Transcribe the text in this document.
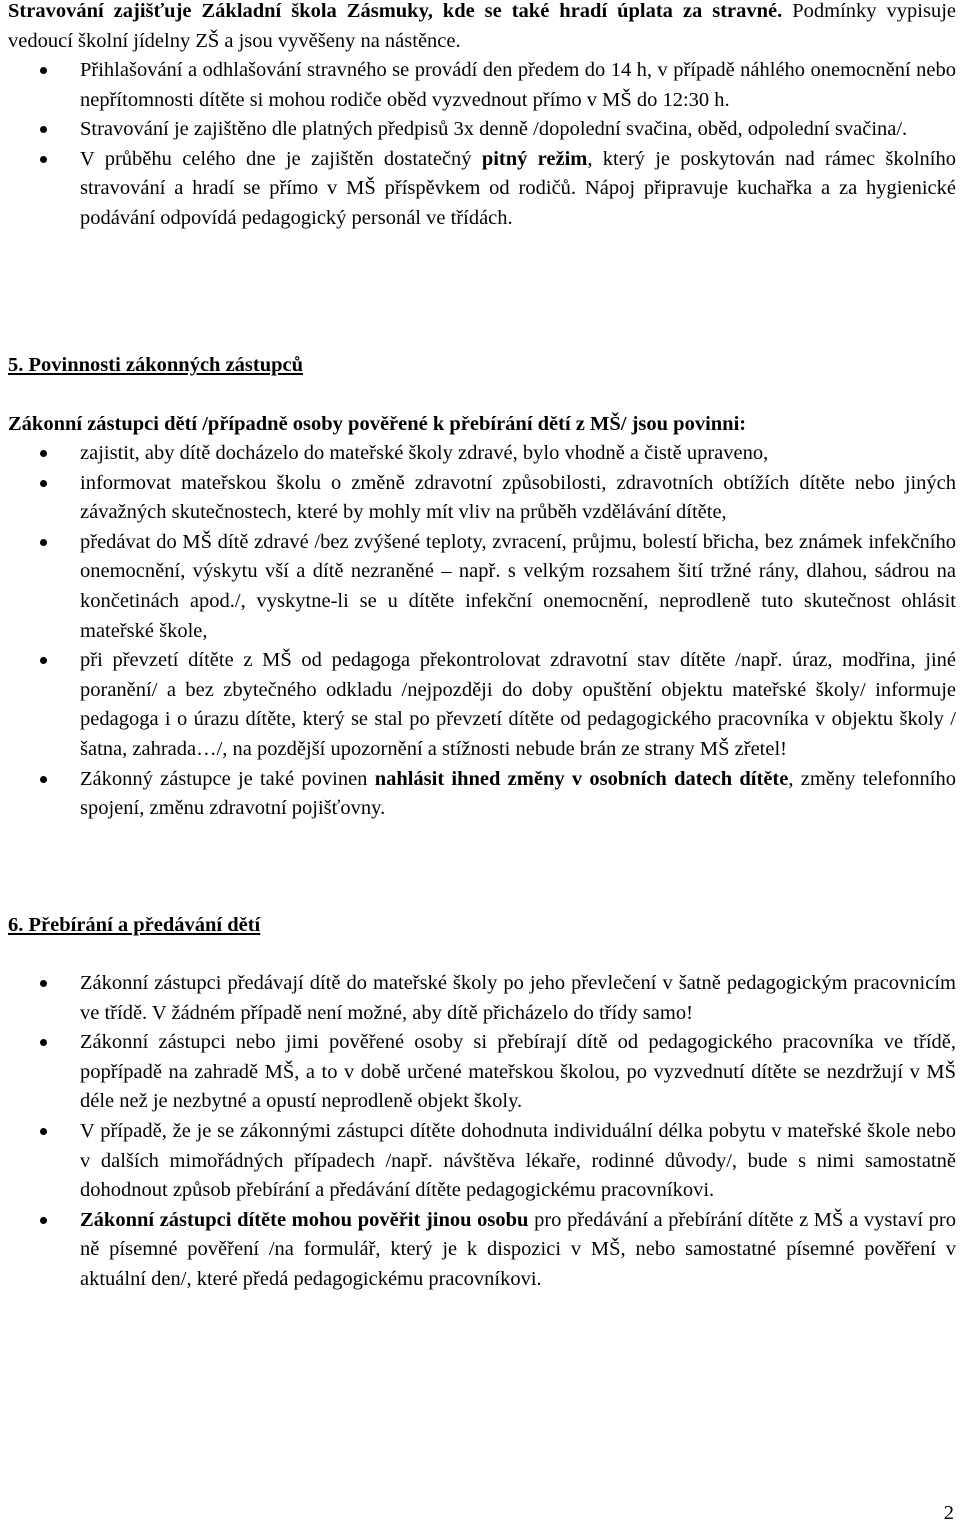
Stravování zajišťuje Základní škola Zásmuky, kde se také hradí úplata za stravné. Podmínky vypisuje vedoucí školní jídelny ZŠ a jsou vyvěšeny na nástěnce.
Přihlašování a odhlašování stravného se provádí den předem do 14 h, v případě náhlého onemocnění nebo nepřítomnosti dítěte si mohou rodiče oběd vyzvednout přímo v MŠ do 12:30 h.
Stravování je zajištěno dle platných předpisů 3x denně /dopolední svačina, oběd, odpolední svačina/.
V průběhu celého dne je zajištěn dostatečný pitný režim, který je poskytován nad rámec školního stravování a hradí se přímo v MŠ příspěvkem od rodičů. Nápoj připravuje kuchařka a za hygienické podávání odpovídá pedagogický personál ve třídách.
5. Povinnosti zákonných zástupců
Zákonní zástupci dětí /případně osoby pověřené k přebírání dětí z MŠ/ jsou povinni:
zajistit, aby dítě docházelo do mateřské školy zdravé, bylo vhodně a čistě upraveno,
informovat mateřskou školu o změně zdravotní způsobilosti, zdravotních obtížích dítěte nebo jiných závažných skutečnostech, které by mohly mít vliv na průběh vzdělávání dítěte,
předávat do MŠ dítě zdravé /bez zvýšené teploty, zvracení, průjmu, bolestí břicha, bez známek infekčního onemocnění, výskytu vší a dítě nezraněné – např. s velkým rozsahem šití tržné rány, dlahou, sádrou na končetinách apod./, vyskytne-li se u dítěte infekční onemocnění, neprodleně tuto skutečnost ohlásit mateřské škole,
při převzetí dítěte z MŠ od pedagoga překontrolovat zdravotní stav dítěte /např. úraz, modřina, jiné poranění/ a bez zbytečného odkladu /nejpozději do doby opuštění objektu mateřské školy/ informuje pedagoga i o úrazu dítěte, který se stal po převzetí dítěte od pedagogického pracovníka v objektu školy /šatna, zahrada…/, na pozdější upozornění a stížnosti nebude brán ze strany MŠ zřetel!
Zákonný zástupce je také povinen nahlásit ihned změny v osobních datech dítěte, změny telefonního spojení, změnu zdravotní pojišťovny.
6. Přebírání a předávání dětí
Zákonní zástupci předávají dítě do mateřské školy po jeho převlečení v šatně pedagogickým pracovnicím ve třídě. V žádném případě není možné, aby dítě přicházelo do třídy samo!
Zákonní zástupci nebo jimi pověřené osoby si přebírají dítě od pedagogického pracovníka ve třídě, popřípadě na zahradě MŠ, a to v době určené mateřskou školou, po vyzvednutí dítěte se nezdržují v MŠ déle než je nezbytné a opustí neprodleně objekt školy.
V případě, že je se zákonnými zástupci dítěte dohodnuta individuální délka pobytu v mateřské škole nebo v dalších mimořádných případech /např. návštěva lékaře, rodinné důvody/, bude s nimi samostatně dohodnout způsob přebírání a předávání dítěte pedagogickému pracovníkovi.
Zákonní zástupci dítěte mohou pověřit jinou osobu pro předávání a přebírání dítěte z MŠ a vystaví pro ně písemné pověření /na formulář, který je k dispozici v MŠ, nebo samostatné písemné pověření v aktuální den/, které předá pedagogickému pracovníkovi.
2
